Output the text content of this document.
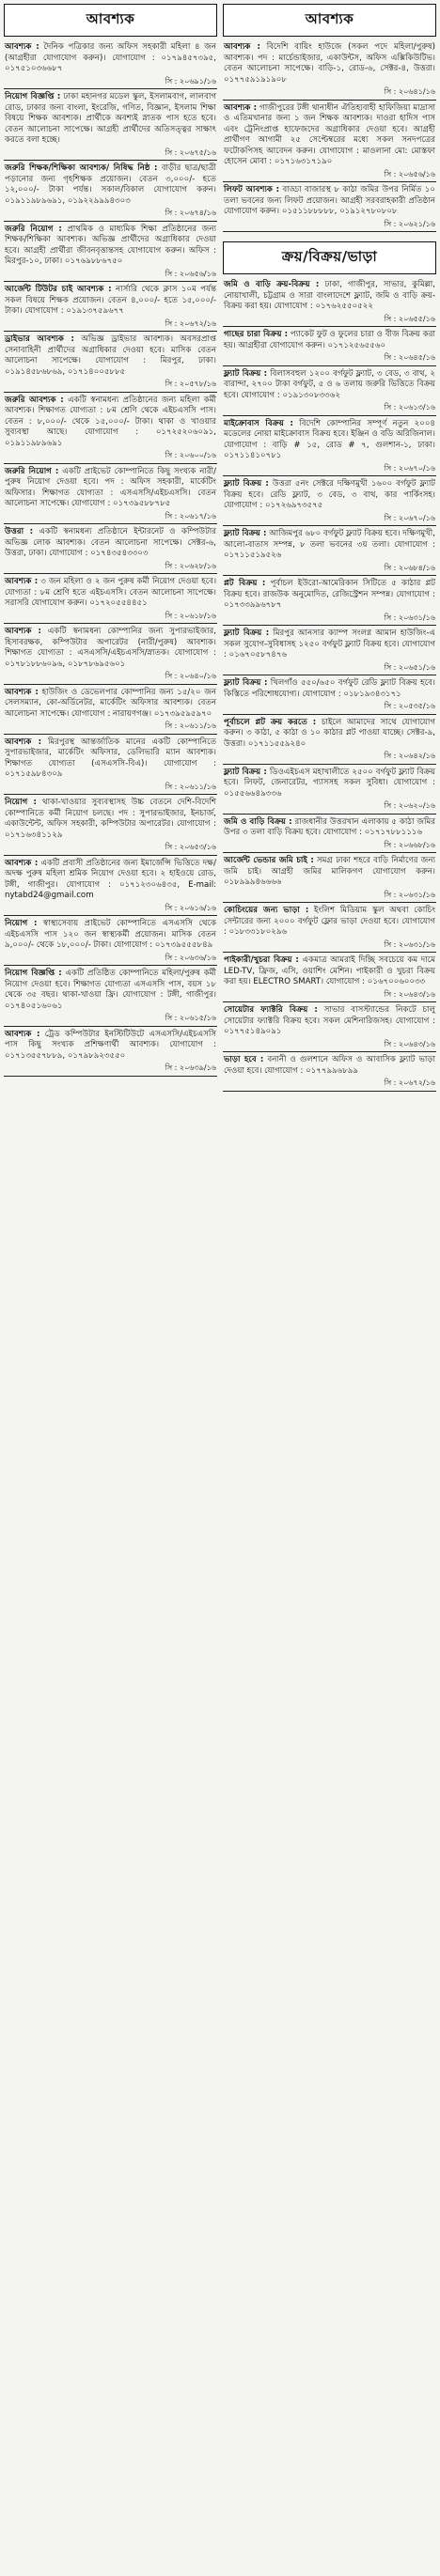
আবশ্যক
আবশ্যক : দৈনিক পত্রিকার জন্য অফিস সহকারী মহিলা ৪ জন (আগ্রহীরা যোগাযোগ করুন)। যোগাযোগ : ০১৭৯৪৫৭৩৯৫, ০১৭৫১০৩৬৬৮৭
সি : ২০৬৯১/১৬
নিয়োগ বিজ্ঞপ্তি : ঢাকা মহানগর মডেল স্কুল, ইসলামবাগ, লালবাগ রোড, ঢাকার জন্য বাংলা, ইংরেজি, গণিত, বিজ্ঞান, ইসলাম শিক্ষা বিষয়ে শিক্ষক আবশ্যক। প্রার্থীকে অবশ্যই স্নাতক পাস হতে হবে। বেতন আলোচনা সাপেক্ষে। আগ্রহী প্রার্থীদের অতিসত্ত্বর সাক্ষাৎ করতে বলা হচ্ছে।
সি : ২০৬৭৫/১৬
জরুরি শিক্ষক/শিক্ষিকা আবশ্যক/ নিষিদ্ধ নিষ্ঠ : বাড়ীর ছাত্র/ছাত্রী পড়ানোর জন্য গৃহশিক্ষক প্রয়োজন। বেতন ৩,০০০/- হতে ১২,০০০/- টাকা পর্যন্ত। সকাল/বিকাল যোগাযোগ করুন। ০১৯১১৯৮৯৬৯১, ০১৯২২৯৯৯৪৩০৩
সি : ২০৬৭৪/১৬
জরুরি নিয়োগ : প্রাথমিক ও মাধ্যমিক শিক্ষা প্রতিষ্ঠানের জন্য শিক্ষক/শিক্ষিকা আবশ্যক। অভিজ্ঞ প্রার্থীদের অগ্রাধিকার দেওয়া হবে। আগ্রহী প্রার্থীরা জীবনবৃত্তান্তসহ যোগাযোগ করুন। অফিস : মিরপুর-১০, ঢাকা। ০১৭৬৯৮৮৬৭৫০
সি : ২০৬৫৬/১৬
আর্জেন্ট টিউটর চাই আবশ্যক : নার্সারি থেকে ক্লাস ১০ম পর্যন্ত সকল বিষয়ে শিক্ষক প্রয়োজন। বেতন ৪,০০০/- হতে ১৫,০০০/- টাকা। যোগাযোগ : ০১৯১৩৭৫৯৬৭৭
সি : ২০৬৭২/১৬
ড্রাইভার আবশ্যক : অভিজ্ঞ ড্রাইভার আবশ্যক। অবসরপ্রাপ্ত সেনাবাহিনী প্রার্থীদের অগ্রাধিকার দেওয়া হবে। মাসিক বেতন আলোচনা সাপেক্ষে। যোগাযোগ : মিরপুর, ঢাকা। ০১৯১৪৫৮৬৮৬৯, ০১৭১৪০০৫৮৮৫
সি : ২০৫৭৮/১৬
জরুরি আবশ্যক : একটি স্বনামধন্য প্রতিষ্ঠানের জন্য মহিলা কর্মী আবশ্যক। শিক্ষাগত যোগ্যতা : ৮ম শ্রেণি থেকে এইচএসসি পাস। বেতন : ৮,০০০/- থেকে ১৫,০০০/- টাকা। থাকা ও খাওয়ার সুব্যবস্থা আছে। যোগাযোগ : ০১৭২৫২০৬০৯১, ০১৯১১৯৮৯৬৯১
সি : ২০৬০০/১৬
জরুরি নিয়োগ : একটি প্রাইভেট কোম্পানিতে কিছু সংখ্যক নারী/পুরুষ নিয়োগ দেওয়া হবে। পদ : অফিস সহকারী, মার্কেটিং অফিসার। শিক্ষাগত যোগ্যতা : এসএসসি/এইচএসসি। বেতন আলোচনা সাপেক্ষে। যোগাযোগ : ০১৭৩৯৫৮৮৭৮৫
সি : ২০৬১৭/১৬
উত্তরা : একটি স্বনামধন্য প্রতিষ্ঠানে ইন্টারনেট ও কম্পিউটার অভিজ্ঞ লোক আবশ্যক। বেতন আলোচনা সাপেক্ষে। সেক্টর-৬, উত্তরা, ঢাকা। যোগাযোগ : ০১৭৪৩৫৪৩৩০৩
সি : ২০৬২৮/১৬
আবশ্যক : ৩ জন মহিলা ও ২ জন পুরুষ কর্মী নিয়োগ দেওয়া হবে। যোগ্যতা : ৮ম শ্রেণি হতে এইচএসসি। বেতন আলোচনা সাপেক্ষে। সরাসরি যোগাযোগ করুন। ০১৭২০৫৫৪৪৫১
সি : ২০৬১৮/১৬
আবশ্যক : একটি স্বনামধন্য কোম্পানির জন্য সুপারভাইজার, হিসাবরক্ষক, কম্পিউটার অপারেটর (নারী/পুরুষ) আবশ্যক। শিক্ষাগত যোগ্যতা : এসএসসি/এইচএসসি/স্নাতক। যোগাযোগ : ০১৭৮১৮৮৬০৯৬, ০১৮৭৮৬৯৫৬০১
সি : ২০৬৪০/১৬
আবশ্যক : হাউজিং ও ডেভেলপার কোম্পানির জন্য ১৫/২০ জন সেলসম্যান, কো-অর্ডিনেটর, মার্কেটিং অফিসার আবশ্যক। বেতন আলোচনা সাপেক্ষে। যোগাযোগ : নারায়ণগঞ্জ। ০১৭৩৯৫৯৫৯৭০
সি : ২০৬১১/১৬
আবশ্যক : মিরপুরস্থ আন্তর্জাতিক মানের একটি কোম্পানিতে সুপারভাইজার, মার্কেটিং অফিসার, ডেলিভারি ম্যান আবশ্যক। শিক্ষাগত যোগ্যতা (এসএসসি-বিএ)। যোগাযোগ : ০১৭১৫৯৮৪৩০৯
সি : ২০৬১১/১৬
নিয়োগ : থাকা-খাওয়ার সুব্যবস্থাসহ উচ্চ বেতনে দেশি-বিদেশি কোম্পানিতে কর্মী নিয়োগ চলছে। পদ : সুপারভাইজার, ইনচার্জ, একাউন্টেন্ট, অফিস সহকারী, কম্পিউটার অপারেটর। যোগাযোগ : ০১৭১৬৩৪১১২৯
সি : ২০৬৫৩/১৬
আবশ্যক : একটি প্রবাসী প্রতিষ্ঠানের জন্য ইমার্জেন্সি ভিত্তিতে দক্ষ/অদক্ষ পুরুষ মহিলা শ্রমিক নিয়োগ দেওয়া হবে। ২ হাইওয়ে রোড, টঙ্গী, গাজীপুর। যোগাযোগ : ০১৭১২৩০৬৪৩৫, E-mail: nytabd24@gmail.com
সি : ২০৬১৬/১৬
নিয়োগ : স্বাস্থ্যসেবায় প্রাইভেট কোম্পানিতে এসএসসি থেকে এইচএসসি পাস ১২০ জন স্বাস্থ্যকর্মী প্রয়োজন। মাসিক বেতন ৯,০০০/- থেকে ১৮,০০০/- টাকা। যোগাযোগ : ০১৭৩৯৫৫৫৮৪৯
সি : ২০৬৩৬/১৬
নিয়োগ বিজ্ঞপ্তি : একটি প্রতিষ্ঠিত কোম্পানিতে মহিলা/পুরুষ কর্মী নিয়োগ দেওয়া হবে। শিক্ষাগত যোগ্যতা এসএসসি পাস, বয়স ১৮ থেকে ৩৫ বছর। থাকা-খাওয়া ফ্রি। যোগাযোগ : টঙ্গী, গাজীপুর। ০১৭৪০৫১৬০৬১
সি : ২০৬১৫/১৬
আবশ্যক : ট্রেড কম্পিউটার ইনস্টিটিউটে এসএসসি/এইচএসসি পাস কিছু সংখ্যক প্রশিক্ষণার্থী আবশ্যক। যোগাযোগ : ০১৭১৩৫৫৭৮৮৯, ০১৭৯৮৯২৩৫৫০
সি : ২০৬৩৯/১৬
আবশ্যক
আবশ্যক : বিদেশি বায়িং হাউজে (সকল পদে মহিলা/পুরুষ) আবশ্যক। পদ : মার্চেন্ডাইজার, একাউন্টস, অফিস এক্সিকিউটিভ। বেতন আলোচনা সাপেক্ষে। বাড়ি-১, রোড-৬, সেক্টর-৪, উত্তরা। ০১৭৭৫৯১৯১৯০৮
সি : ২০৬৪১/১৬
আবশ্যক : গাজীপুরের টঙ্গী থানাধীন ঐতিহ্যবাহী হাফিজিয়া মাদ্রাসা ও এতিমখানার জন্য ১ জন শিক্ষক আবশ্যক। দাওরা হাদিস পাস এবং ট্রেনিংপ্রাপ্ত হাফেজদের অগ্রাধিকার দেওয়া হবে। আগ্রহী প্রার্থীগণ আগামী ২৫ সেপ্টেম্বরের মধ্যে সকল সনদপত্রের ফটোকপিসহ আবেদন করুন। যোগাযোগ : মাওলানা মো: মোস্তফা হোসেন মোবা : ০১৭১৬৩১৭১৯০
সি : ২০৬৫৬/১৬
লিফট আবশ্যক : বাড্ডা বাজারস্থ ৮ কাঠা জমির উপর নির্মিত ১০ তলা ভবনের জন্য লিফট প্রয়োজন। আগ্রহী সরবরাহকারী প্রতিষ্ঠান যোগাযোগ করুন। ০১৫১১৮৮৮৮৮, ০১৯১২৭৮০৮০৮
সি : ২০৬২১/১৬
ক্রয়/বিক্রয়/ভাড়া
জমি ও বাড়ি ক্রয়-বিক্রয় : ঢাকা, গাজীপুর, সাভার, কুমিল্লা, নোয়াখালী, চট্টগ্রাম ও সারা বাংলাদেশে ফ্ল্যাট, জমি ও বাড়ি ক্রয়-বিক্রয় করা হয়। যোগাযোগ : ০১৭৬২৫৫০৫২২
সি : ২০৬৫৫/১৬
গাছের চারা বিক্রয় : প্যাকেট ফুট ও ফুলের চারা ও বীজ বিক্রয় করা হয়। আগ্রহীরা যোগাযোগ করুন। ০১৭১২৫৬৫৫৬০
সি : ২০৬৪৫/১৬
ফ্ল্যাট বিক্রয় : বিলাসবহুল ১২০০ বর্গফুট ফ্ল্যাট, ৩ বেড, ৩ বাথ, ২ বারান্দা, ২৭০০ টাকা বর্গফুট, ৫ ও ৬ তলায় জরুরি ভিত্তিতে বিক্রয় হবে। যোগাযোগ : ০১৯১৩০৮৩৩৬২
সি : ২০৬১৩/১৬
মাইক্রোবাস বিক্রয় : বিদেশি কোম্পানির সম্পূর্ণ নতুন ২০০৪ মডেলের নোয়া মাইক্রোবাস বিক্রয় হবে। ইঞ্জিন ও বডি অরিজিনাল। যোগাযোগ : বাড়ি # ১৫, রোড # ৭, গুলশান-১, ঢাকা। ০১৭১১৪১০৭৮১
সি : ২০৬৭০/১৬
ফ্ল্যাট বিক্রয় : উত্তরা ৫নং সেক্টরে দক্ষিণমুখী ১৬০০ বর্গফুট ফ্ল্যাট বিক্রয় হবে। রেডি ফ্ল্যাট, ৩ বেড, ৩ বাথ, কার পার্কিংসহ। যোগাযোগ : ০১৭২৬৯৭৩৫৭৫
সি : ২০৬৭০/১৬
ফ্ল্যাট বিক্রয় : আজিমপুর ৬৮০ বর্গফুট ফ্ল্যাট বিক্রয় হবে। দক্ষিণমুখী, আলো-বাতাস সম্পন্ন, ৮ তলা ভবনের ৩য় তলা। যোগাযোগ : ০১৭১১৫১৯৫২৬
সি : ২০৬৮৪/১৬
প্লট বিক্রয় : পূর্বাচল ইউরো-আমেরিকান সিটিতে ৫ কাঠার প্লট বিক্রয় হবে। রাজউক অনুমোদিত, রেজিস্ট্রেশন সম্পন্ন। যোগাযোগ : ০১৭৩৩৯৯৬৭৮৭
সি : ২০৬৩১/১৬
ফ্ল্যাট বিক্রয় : মিরপুর আনসার ক্যাম্প সংলগ্ন আমান হাউজিং-এ সকল সুযোগ-সুবিধাসহ ১২৫০ বর্গফুট ফ্ল্যাট বিক্রয় হবে। যোগাযোগ : ০১৬৭০৫৮৭৪৭৬
সি : ২০৬৫১/১৬
ফ্ল্যাট বিক্রয় : খিলগাঁও ৫৫০/৬৫০ বর্গফুট রেডি ফ্ল্যাট বিক্রয় হবে। কিস্তিতে পরিশোধযোগ্য। যোগাযোগ : ০১৮১৯৩৪৩১৭১
সি : ২০৫৩৫/১৬
পূর্বাচলে প্লট ক্রয় করতে : চাইলে আমাদের সাথে যোগাযোগ করুন। ৩ কাঠা, ৫ কাঠা ও ১০ কাঠার প্লট পাওয়া যাচ্ছে। সেক্টর-৯, উত্তরা। ০১৭১১৫৫৯২৪০
সি : ২০৬৪২/১৬
ফ্ল্যাট বিক্রয় : ডিওএইচএস মহাখালীতে ২৫০০ বর্গফুট ফ্ল্যাট বিক্রয় হবে। লিফট, জেনারেটর, গ্যাসসহ সকল সুবিধা। যোগাযোগ : ০১৫৫৬৬৪৯৩৩৬
সি : ২০৬২০/১৬
জমি ও বাড়ি বিক্রয় : রাজধানীর উত্তরখান এলাকায় ৫ কাঠা জমির উপর ৩ তলা বাড়ি বিক্রয় হবে। যোগাযোগ : ০১৭১৭৮৮১১১৬
সি : ২০৬৬৮/১৬
আর্জেন্ট ভেন্ডার জমি চাই : সমগ্র ঢাকা শহরে বাড়ি নির্মাণের জন্য জমি চাই। আগ্রহী জমির মালিকগণ যোগাযোগ করুন। ০১৮৯৯৯৪৬৬৬৬
সি : ২০৬৩১/১৬
কোচিংয়ের জন্য ভাড়া : ইংলিশ মিডিয়াম স্কুল অথবা কোচিং সেন্টারের জন্য ২০০০ বর্গফুট ফ্লোর ভাড়া দেওয়া হবে। যোগাযোগ : ০১৮৩৩১৮০২৯৬
সি : ২০৬৩১/১৬
পাইকারী/খুচরা বিক্রয় : একমাত্র আমরাই দিচ্ছি সবচেয়ে কম দামে LED-TV, ফ্রিজ, এসি, ওয়াশিং মেশিন। পাইকারী ও খুচরা বিক্রয় করা হয়। ELECTRO SMART। যোগাযোগ : ০১৬৭০০৬০০৩৩
সি : ২০৬৪৩/১৬
সোয়েটার ফ্যাক্টরি বিক্রয় : সাভার বাসস্ট্যান্ডের নিকটে চালু সোয়েটার ফ্যাক্টরি বিক্রয় হবে। সকল মেশিনারিজসহ। যোগাযোগ : ০১৭৭৫১৪৯০৯১
সি : ২০৬৪৩/১৬
ভাড়া হবে : বনানী ও গুলশানে অফিস ও আবাসিক ফ্ল্যাট ভাড়া দেওয়া হবে। যোগাযোগ : ০১৭৭৯৯৬৮৯৯
সি : ২০৬৭২/১৬
